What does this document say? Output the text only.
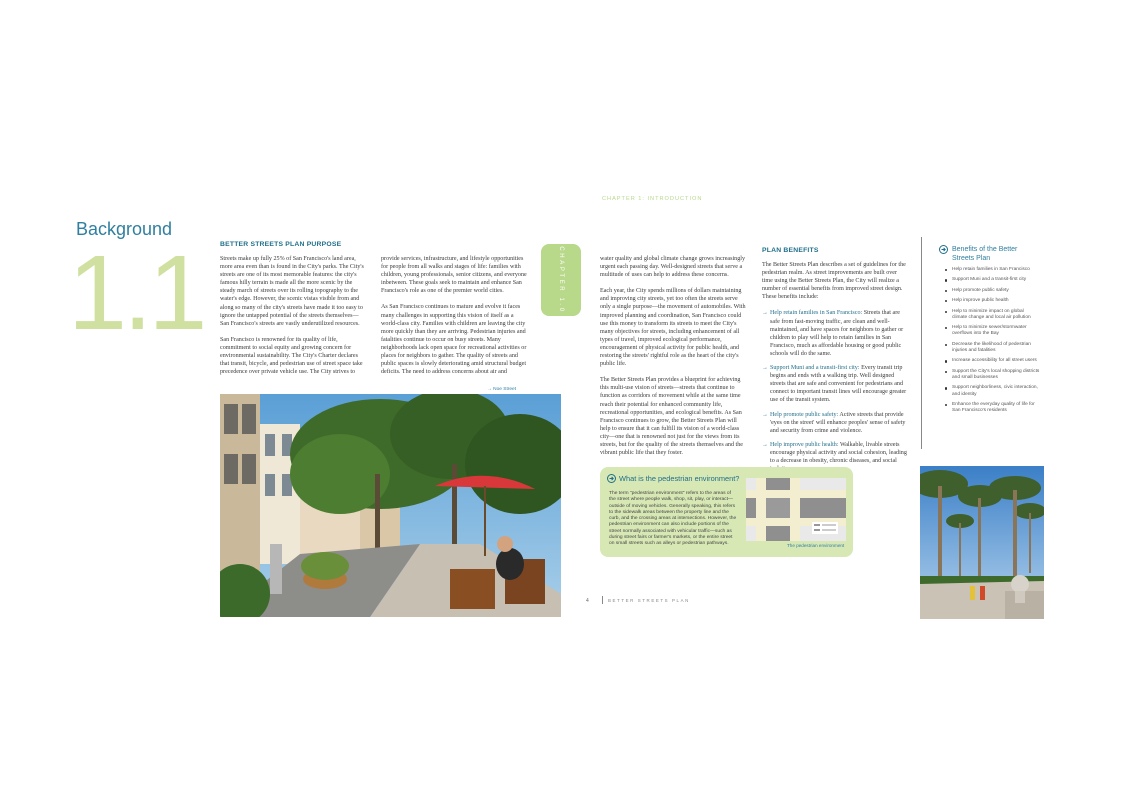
Background
1.1 BETTER STREETS PLAN PURPOSE

Streets make up fully 25% of San Francisco's land area, more area even than is found in the City's parks. The City's streets are one of its most memorable features: the city's famous hilly terrain is made all the more scenic by the steady march of streets over its rolling topography to the water's edge. However, the scenic vistas visible from and along so many of the city's streets have made it too easy to ignore the untapped potential of the streets themselves—San Francisco's streets are vastly underutilized resources.

San Francisco is renowned for its quality of life, commitment to social equity and growing concern for environmental sustainability. The City's Charter declares that transit, bicycle, and pedestrian use of street space take precedence over private vehicle use. The City strives to

provide services, infrastructure, and lifestyle opportunities for people from all walks and stages of life: families with children, young professionals, senior citizens, and everyone inbetween. These goals seek to maintain and enhance San Francisco's role as one of the premier world cities.

As San Francisco continues to mature and evolve it faces many challenges in supporting this vision of itself as a world-class city. Families with children are leaving the city more quickly than they are arriving. Pedestrian injuries and fatalities continue to occur on busy streets. Many neighborhoods lack open space for recreational activities or places for neighbors to gather. The quality of streets and public spaces is slowly deteriorating amid structural budget deficits. The need to address concerns about air and

CHAPTER 1.0
→ Noe Street
CHAPTER 1: INTRODUCTION

water quality and global climate change grows increasingly urgent each passing day. Well-designed streets that serve a multitude of uses can help to address these concerns.

Each year, the City spends millions of dollars maintaining and improving city streets, yet too often the streets serve only a single purpose—the movement of automobiles. With improved planning and coordination, San Francisco could use this money to transform its streets to meet the City's many objectives for streets, including enhancement of all types of travel, improved ecological performance, encouragement of physical activity for public health, and restoring the streets' rightful role as the heart of the city's public life.

The Better Streets Plan provides a blueprint for achieving this multi-use vision of streets—streets that continue to function as corridors of movement while at the same time reach their potential for enhanced community life, recreational opportunities, and ecological benefits. As San Francisco continues to grow, the Better Streets Plan will help to ensure that it can fulfill its vision of a world-class city—one that is renowned not just for the views from its streets, but for the quality of the streets themselves and the vibrant public life that they foster.

PLAN BENEFITS

The Better Streets Plan describes a set of guidelines for the pedestrian realm. As street improvements are built over time using the Better Streets Plan, the City will realize a number of essential benefits from improved street design. These benefits include:

→ Help retain families in San Francisco: Streets that are safe from fast-moving traffic, are clean and well-maintained, and have spaces for neighbors to gather or children to play will help to retain families in San Francisco, much as affordable housing or good public schools will do the same.
→ Support Muni and a transit-first city: Every transit trip begins and ends with a walking trip. Well designed streets that are safe and convenient for pedestrians and connect to important transit lines will encourage greater use of the transit system.
→ Help promote public safety: Active streets that provide 'eyes on the street' will enhance peoples' sense of safety and security from crime and violence.
→ Help improve public health: Walkable, livable streets encourage physical activity and social cohesion, leading to a decrease in obesity, chronic diseases, and social
Benefits of the Better Streets Plan
Help retain families in San Francisco
Support Muni and a transit-first city
Help promote public safety
Help improve public health
Help to minimize impact on global climate change and local air pollution
Help to minimize sewer/stormwater overflows into the Bay
Decrease the likelihood of pedestrian injuries and fatalities
Increase accessibility for all street users
Support the City's local shopping districts and small businesses
Support neighborliness, civic interaction, and identity
Enhance the everyday quality of life for San Francisco's residents
What is the pedestrian environment?
The term "pedestrian environment" refers to the areas of the street where people walk, shop, sit, play, or interact—outside of moving vehicles. Generally speaking, this refers to the sidewalk areas between the property line and the curb, and the crossing areas at intersections. However, the pedestrian environment can also include portions of the street normally associated with vehicular traffic—such as during street fairs or farmer's markets, or the entire street on small streets such as alleys or pedestrian pathways.	The pedestrian environment
4	BETTER STREETS PLAN
